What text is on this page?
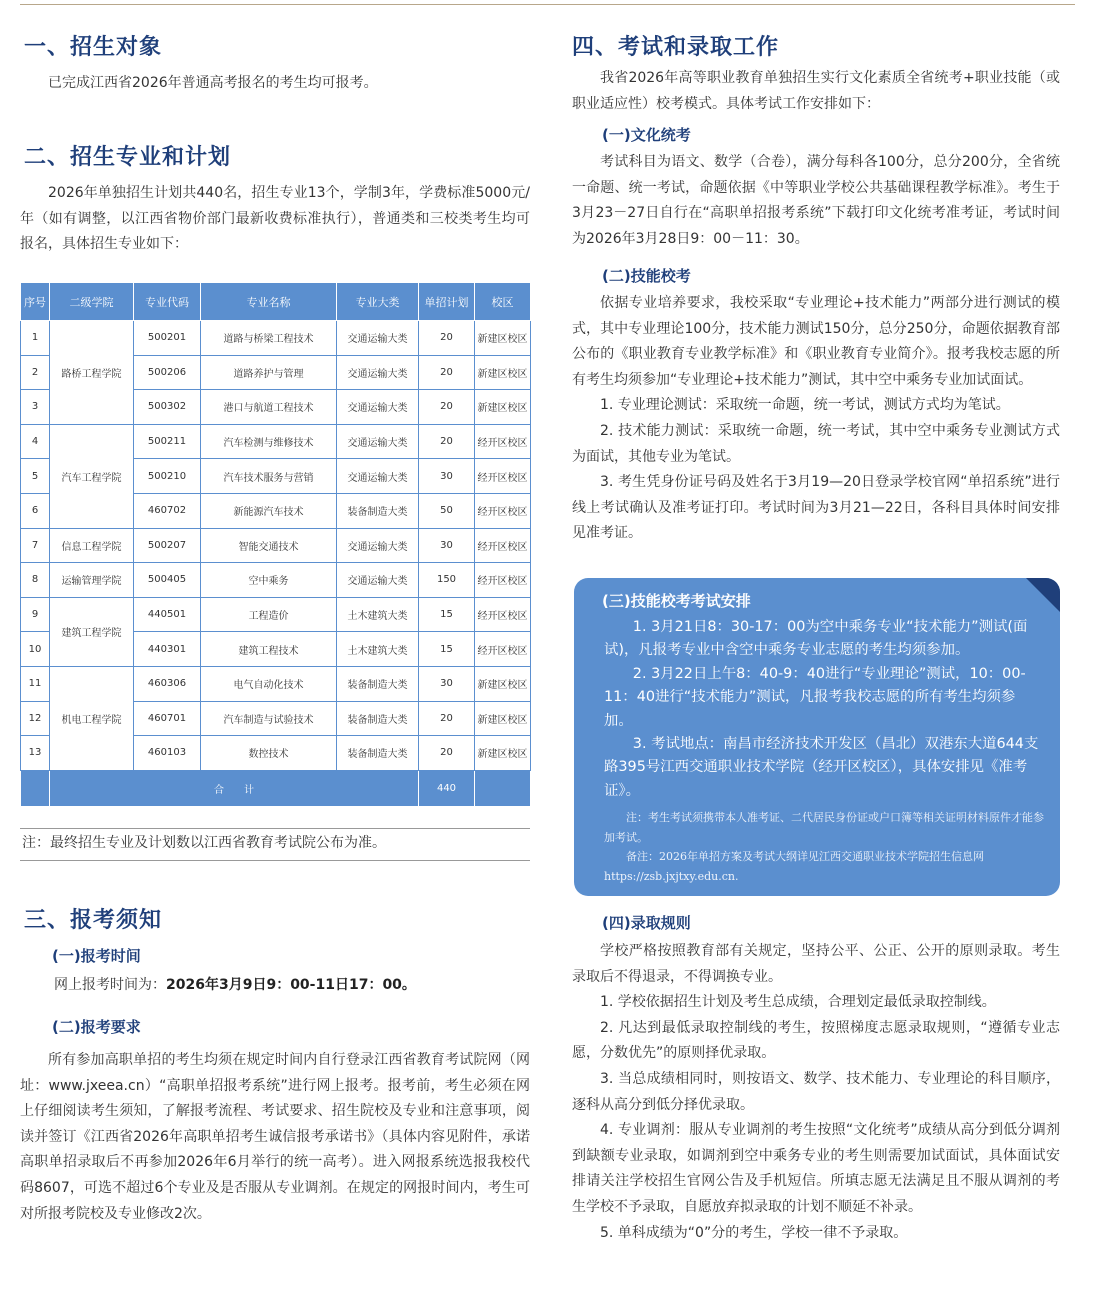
一、招生对象

已完成江西省2026年普通高考报名的考生均可报考。

二、招生专业和计划

2026年单独招生计划共440名，招生专业13个，学制3年，学费标准5000元/年（如有调整，以江西省物价部门最新收费标准执行），普通类和三校类考生均可报名，具体招生专业如下：

序号	二级学院	专业代码	专业名称	专业大类	单招计划	校区
1	路桥工程学院	500201	道路与桥梁工程技术	交通运输大类	20	新建区校区
2		500206	道路养护与管理	交通运输大类	20	新建区校区
3		500302	港口与航道工程技术	交通运输大类	20	新建区校区
4	汽车工程学院	500211	汽车检测与维修技术	交通运输大类	20	经开区校区
5		500210	汽车技术服务与营销	交通运输大类	30	经开区校区
6		460702	新能源汽车技术	装备制造大类	50	经开区校区
7	信息工程学院	500207	智能交通技术	交通运输大类	30	经开区校区
8	运输管理学院	500405	空中乘务	交通运输大类	150	经开区校区
9	建筑工程学院	440501	工程造价	土木建筑大类	15	经开区校区
10		440301	建筑工程技术	土木建筑大类	15	经开区校区
11	机电工程学院	460306	电气自动化技术	装备制造大类	30	新建区校区
12		460701	汽车制造与试验技术	装备制造大类	20	新建区校区
13		460103	数控技术	装备制造大类	20	新建区校区
	合　　计				440	

注：最终招生专业及计划数以江西省教育考试院公布为准。

三、报考须知
(一)报考时间

网上报考时间为：2026年3月9日9：00-11日17：00。

(二)报考要求

所有参加高职单招的考生均须在规定时间内自行登录江西省教育考试院网（网址：www.jxeea.cn）“高职单招报考系统”进行网上报考。报考前，考生必须在网上仔细阅读考生须知，了解报考流程、考试要求、招生院校及专业和注意事项，阅读并签订《江西省2026年高职单招考生诚信报考承诺书》（具体内容见附件，承诺高职单招录取后不再参加2026年6月举行的统一高考）。进入网报系统选报我校代码8607，可选不超过6个专业及是否服从专业调剂。在规定的网报时间内，考生可对所报考院校及专业修改2次。

四、考试和录取工作

我省2026年高等职业教育单独招生实行文化素质全省统考+职业技能（或职业适应性）校考模式。具体考试工作安排如下：

(一)文化统考

考试科目为语文、数学（合卷），满分每科各100分，总分200分，全省统一命题、统一考试，命题依据《中等职业学校公共基础课程教学标准》。考生于3月23－27日自行在“高职单招报考系统”下载打印文化统考准考证，考试时间为2026年3月28日9：00－11：30。

(二)技能校考

依据专业培养要求，我校采取“专业理论+技术能力”两部分进行测试的模式，其中专业理论100分，技术能力测试150分，总分250分，命题依据教育部公布的《职业教育专业教学标准》和《职业教育专业简介》。报考我校志愿的所有考生均须参加“专业理论+技术能力”测试，其中空中乘务专业加试面试。

1. 专业理论测试：采取统一命题，统一考试，测试方式均为笔试。

2. 技术能力测试：采取统一命题，统一考试，其中空中乘务专业测试方式为面试，其他专业为笔试。

3. 考生凭身份证号码及姓名于3月19—20日登录学校官网“单招系统”进行线上考试确认及准考证打印。考试时间为3月21—22日，各科目具体时间安排见准考证。

(三)技能校考考试安排

1. 3月21日8：30-17：00为空中乘务专业“技术能力”测试(面试)，凡报考专业中含空中乘务专业志愿的考生均须参加。

2. 3月22日上午8：40-9：40进行“专业理论”测试，10：00-11：40进行“技术能力”测试，凡报考我校志愿的所有考生均须参加。

3. 考试地点：南昌市经济技术开发区（昌北）双港东大道644支路395号江西交通职业技术学院（经开区校区），具体安排见《准考证》。

注：考生考试须携带本人准考证、二代居民身份证或户口簿等相关证明材料原件才能参加考试。

备注：2026年单招方案及考试大纲详见江西交通职业技术学院招生信息网https://zsb.jxjtxy.edu.cn.

(四)录取规则

学校严格按照教育部有关规定，坚持公平、公正、公开的原则录取。考生录取后不得退录，不得调换专业。

1. 学校依据招生计划及考生总成绩，合理划定最低录取控制线。

2. 凡达到最低录取控制线的考生，按照梯度志愿录取规则，“遵循专业志愿，分数优先”的原则择优录取。

3. 当总成绩相同时，则按语文、数学、技术能力、专业理论的科目顺序，逐科从高分到低分择优录取。

4. 专业调剂：服从专业调剂的考生按照“文化统考”成绩从高分到低分调剂到缺额专业录取，如调剂到空中乘务专业的考生则需要加试面试，具体面试安排请关注学校招生官网公告及手机短信。所填志愿无法满足且不服从调剂的考生学校不予录取，自愿放弃拟录取的计划不顺延不补录。

5. 单科成绩为“0”分的考生，学校一律不予录取。
